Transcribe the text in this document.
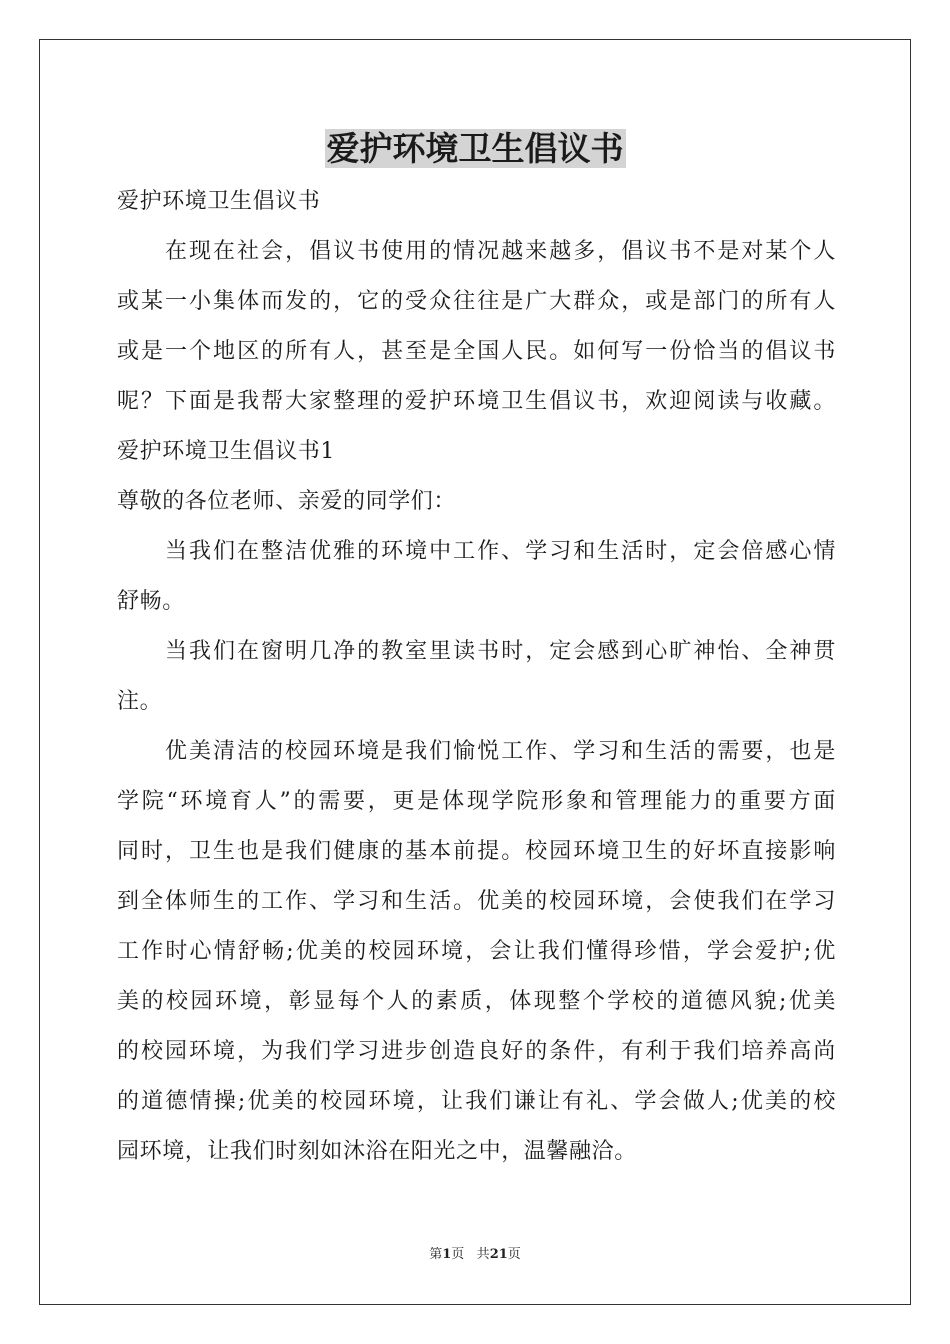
爱护环境卫生倡议书

爱护环境卫生倡议书

在现在社会，倡议书使用的情况越来越多，倡议书不是对某个人

或某一小集体而发的，它的受众往往是广大群众，或是部门的所有人

或是一个地区的所有人，甚至是全国人民。如何写一份恰当的倡议书

呢？下面是我帮大家整理的爱护环境卫生倡议书，欢迎阅读与收藏。

爱护环境卫生倡议书1

尊敬的各位老师、亲爱的同学们：

当我们在整洁优雅的环境中工作、学习和生活时，定会倍感心情

舒畅。

当我们在窗明几净的教室里读书时，定会感到心旷神怡、全神贯

注。

优美清洁的校园环境是我们愉悦工作、学习和生活的需要，也是

学院“环境育人”的需要，更是体现学院形象和管理能力的重要方面

同时，卫生也是我们健康的基本前提。校园环境卫生的好坏直接影响

到全体师生的工作、学习和生活。优美的校园环境，会使我们在学习

工作时心情舒畅;优美的校园环境，会让我们懂得珍惜，学会爱护;优

美的校园环境，彰显每个人的素质，体现整个学校的道德风貌;优美

的校园环境，为我们学习进步创造良好的条件，有利于我们培养高尚

的道德情操;优美的校园环境，让我们谦让有礼、学会做人;优美的校

园环境，让我们时刻如沐浴在阳光之中，温馨融洽。

第1页 共21页
